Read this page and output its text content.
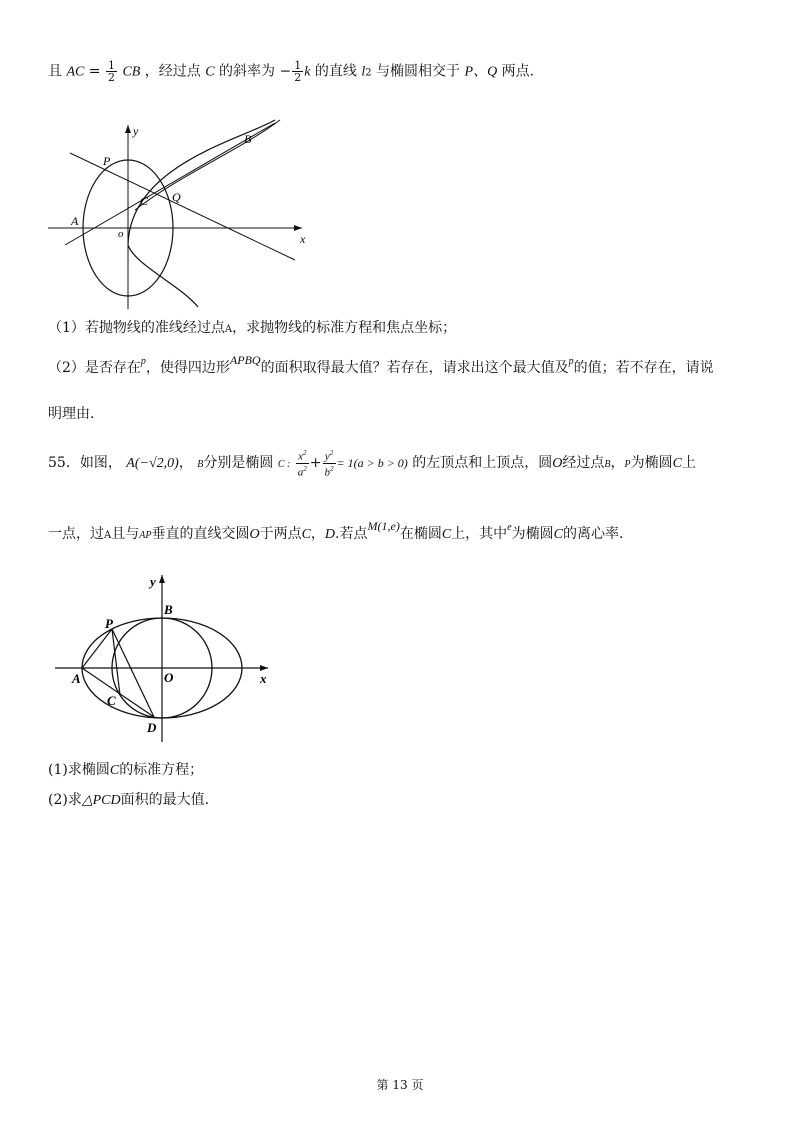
且 AC = $\frac{1}{2}$ CB ，经过点 C 的斜率为 − $\frac{1}{2}$ k 的直线 l2 与椭圆相交于 P、Q 两点.
y
x
o
A
B
C
P
Q
（1）若抛物线的准线经过点A，求抛物线的标准方程和焦点坐标；
（2）是否存在$^p$，使得四边形APBQ的面积取得最大值？若存在，请求出这个最大值及$^p$的值；若不存在，请说
明理由.
55．如图， A(−√2,0)， B分别是椭圆 C : $\frac{x^2}{a^2} + \frac{y^2}{b^2} = 1(a > b > 0)$ 的左顶点和上顶点，圆O经过点B，P为椭圆C上
一点，过A且与AP垂直的直线交圆O于两点C，D.若点M(1,e)在椭圆C上，其中$^e$为椭圆C的离心率.
y
x
O
A
B
C
D
P
(1)求椭圆C的标准方程；
(2)求△PCD面积的最大值.
第 13 页
